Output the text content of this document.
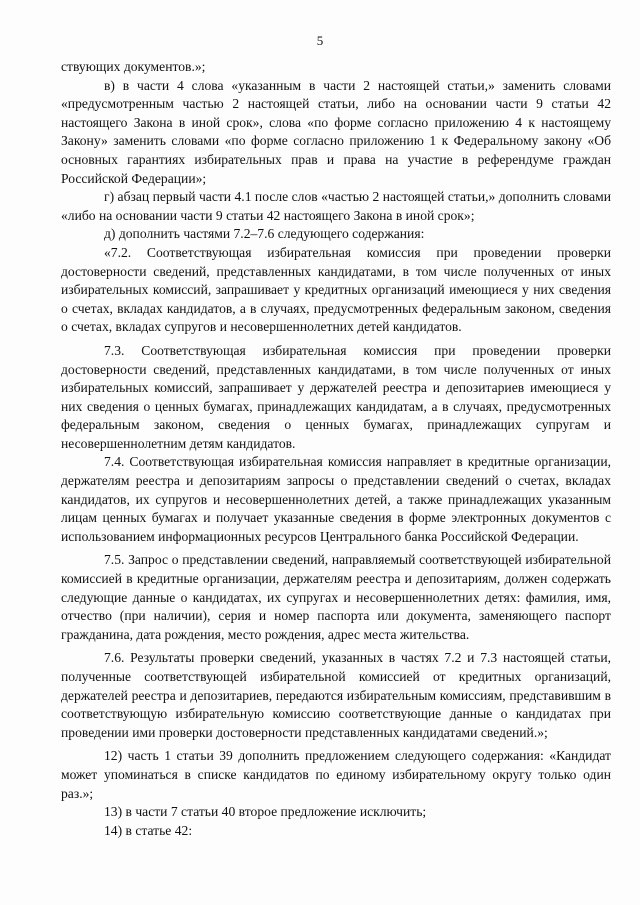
5

ствующих документов.»;

в) в части 4 слова «указанным в части 2 настоящей статьи,» заменить словами «предусмотренным частью 2 настоящей статьи, либо на основании части 9 статьи 42 настоящего Закона в иной срок», слова «по форме согласно приложению 4 к настоящему Закону» заменить словами «по форме согласно приложению 1 к Федеральному закону «Об основных гарантиях избирательных прав и права на участие в референдуме граждан Российской Федерации»;

г) абзац первый части 4.1 после слов «частью 2 настоящей статьи,» дополнить словами «либо на основании части 9 статьи 42 настоящего Закона в иной срок»;

д) дополнить частями 7.2–7.6 следующего содержания:

«7.2. Соответствующая избирательная комиссия при проведении проверки достоверности сведений, представленных кандидатами, в том числе полученных от иных избирательных комиссий, запрашивает у кредитных организаций имеющиеся у них сведения о счетах, вкладах кандидатов, а в случаях, предусмотренных федеральным законом, сведения о счетах, вкладах супругов и несовершеннолетних детей кандидатов.

7.3. Соответствующая избирательная комиссия при проведении проверки достоверности сведений, представленных кандидатами, в том числе полученных от иных избирательных комиссий, запрашивает у держателей реестра и депозитариев имеющиеся у них сведения о ценных бумагах, принадлежащих кандидатам, а в случаях, предусмотренных федеральным законом, сведения о ценных бумагах, принадлежащих супругам и несовершеннолетним детям кандидатов.

7.4. Соответствующая избирательная комиссия направляет в кредитные организации, держателям реестра и депозитариям запросы о представлении сведений о счетах, вкладах кандидатов, их супругов и несовершеннолетних детей, а также принадлежащих указанным лицам ценных бумагах и получает указанные сведения в форме электронных документов с использованием информационных ресурсов Центрального банка Российской Федерации.

7.5. Запрос о представлении сведений, направляемый соответствующей избирательной комиссией в кредитные организации, держателям реестра и депозитариям, должен содержать следующие данные о кандидатах, их супругах и несовершеннолетних детях: фамилия, имя, отчество (при наличии), серия и номер паспорта или документа, заменяющего паспорт гражданина, дата рождения, место рождения, адрес места жительства.

7.6. Результаты проверки сведений, указанных в частях 7.2 и 7.3 настоящей статьи, полученные соответствующей избирательной комиссией от кредитных организаций, держателей реестра и депозитариев, передаются избирательным комиссиям, представившим в соответствующую избирательную комиссию соответствующие данные о кандидатах при проведении ими проверки достоверности представленных кандидатами сведений.»;

12) часть 1 статьи 39 дополнить предложением следующего содержания: «Кандидат может упоминаться в списке кандидатов по единому избирательному округу только один раз.»;

13) в части 7 статьи 40 второе предложение исключить;

14) в статье 42:
